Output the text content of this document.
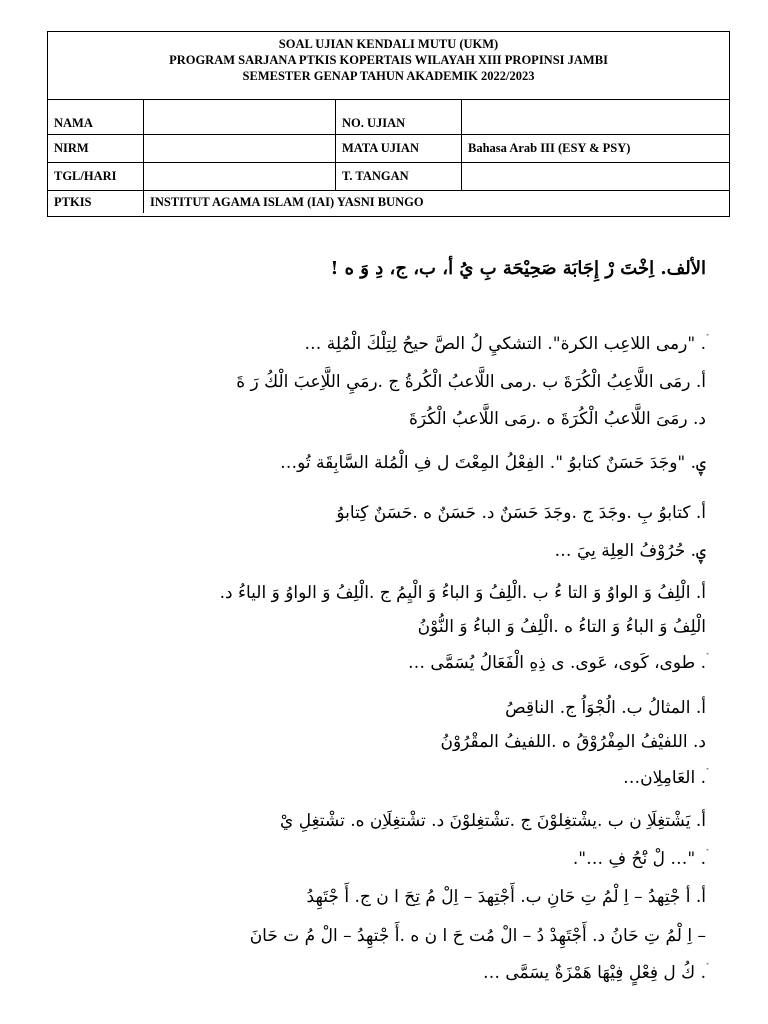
SOAL UJIAN KENDALI MUTU (UKM)
PROGRAM SARJANA PTKIS KOPERTAIS WILAYAH XIII PROPINSI JAMBI
SEMESTER GENAP TAHUN AKADEMIK 2022/2023
NAMA	NO. UJIAN
NIRM	MATA UJIAN	Bahasa Arab III (ESY & PSY)
TGL/HARI	T. TANGAN
PTKIS	INSTITUT AGAMA ISLAM (IAI) YASNI BUNGO
الألف. اِخْتَ رْ إِجَابَة صَحِيْحَة بِ يُ أ، ب، ج، دِ وَ ه !
ۛ. "رمى اللاعِب الكرة". التشكيِ لُ الصَّ حيحُ لِتِلْكَ الْمُلِة …
أ. رمَى اللَّاعِبُ الْكُرَةَ ب .رمى اللَّاعبُ الْكُرةُ ج .رمَيِ اللَّاِعبَ الْكُ رَ ةَ
د. رمَىَ اللَّاعبُ الْكُرَةَ ه .رمَى اللَّاعبُ الْكُرَةَ
ۑ. "وجَدَ حَسَنٌ كتابوُ ". الفِعْلُ المِعْتَ ل فِ الْمُلة السَّابِقَة تُو…
أ. كتابوُ بِ .وجَدَ ج .وجَدَ حَسَنٌ د. حَسَنٌ ه .حَسَنٌ كِتابوُ
ۑ. حُرُوْفُ العِلِة ىِيَ …
أ. الْلِفُ وَ الواوُ وَ التا ءُ ب .الْلِفُ وَ الباءُ وَ الْيِمُ ج .الْلِفُ وَ الواوُ وَ الياءُ د.
الْلِفُ وَ الباءُ وَ التاءُ ه .الْلِفُ وَ الباءُ وَ النُّوْنُ
ۛ. طوى، كَوى، عَوى. ى ذِهِ الْفَعَالُ يُسَمَّى …
أ. المثالُ ب. الُجْوَاُ ج. الناقِصُ
د. اللفيْفُ المِفْرُوْقُ ه .اللفيفُ المقْرُوْنُ
ۛ. العَامِلِان…
أ. يَشْتغِلَاِ ن ب .يشْتغِلوْنَ ج .تشْتغِلوْنَ د. تشْتغِلَاِن ه. تشْتغِلِ يْ
ۛ. "… لْ نَْحُ فِ …".
أ. أ جْتِهدُ – اِ لْمُ تِ حَانِ ب. أَجْتِهدَ – اِلْ مُ تِحَ ا ن ج. أَ جْتَهِدُ
– اِ لْمُ تِ حَانُ د. أَجْتَهِدْ دُ – الْ مُت حَ ا ن ه .أَ جْتهِدُ – الْ مُ ت حَانَ
ۛ. كُ ل فِعْلٍ فِيْهَا هَمْزَةٌ يسَمَّى …
